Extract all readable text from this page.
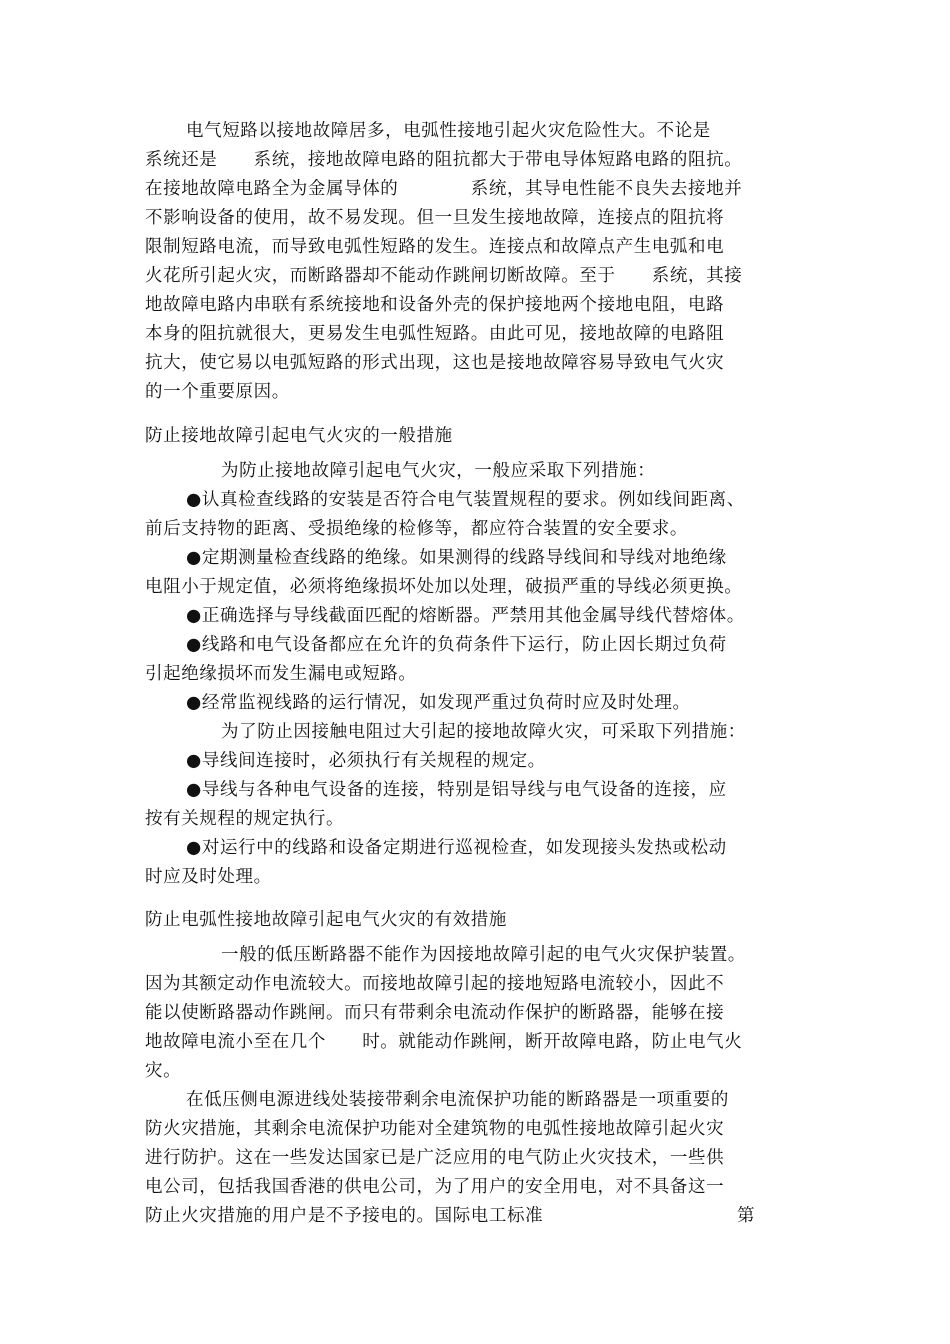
电气短路以接地故障居多，电弧性接地引起火灾危险性大。不论是
系统还是　　系统，接地故障电路的阻抗都大于带电导体短路电路的阻抗。
在接地故障电路全为金属导体的　　　　系统，其导电性能不良失去接地并
不影响设备的使用，故不易发现。但一旦发生接地故障，连接点的阻抗将
限制短路电流，而导致电弧性短路的发生。连接点和故障点产生电弧和电
火花所引起火灾，而断路器却不能动作跳闸切断故障。至于　　系统，其接
地故障电路内串联有系统接地和设备外壳的保护接地两个接地电阻，电路
本身的阻抗就很大，更易发生电弧性短路。由此可见，接地故障的电路阻
抗大，使它易以电弧短路的形式出现，这也是接地故障容易导致电气火灾
的一个重要原因。
防止接地故障引起电气火灾的一般措施
为防止接地故障引起电气火灾，一般应采取下列措施：
●认真检查线路的安装是否符合电气装置规程的要求。例如线间距离、
前后支持物的距离、受损绝缘的检修等，都应符合装置的安全要求。
●定期测量检查线路的绝缘。如果测得的线路导线间和导线对地绝缘
电阻小于规定值，必须将绝缘损坏处加以处理，破损严重的导线必须更换。
●正确选择与导线截面匹配的熔断器。严禁用其他金属导线代替熔体。
●线路和电气设备都应在允许的负荷条件下运行，防止因长期过负荷
引起绝缘损坏而发生漏电或短路。
●经常监视线路的运行情况，如发现严重过负荷时应及时处理。
为了防止因接触电阻过大引起的接地故障火灾，可采取下列措施：
●导线间连接时，必须执行有关规程的规定。
●导线与各种电气设备的连接，特别是铝导线与电气设备的连接，应
按有关规程的规定执行。
●对运行中的线路和设备定期进行巡视检查，如发现接头发热或松动
时应及时处理。
防止电弧性接地故障引起电气火灾的有效措施
一般的低压断路器不能作为因接地故障引起的电气火灾保护装置。
因为其额定动作电流较大。而接地故障引起的接地短路电流较小，因此不
能以使断路器动作跳闸。而只有带剩余电流动作保护的断路器，能够在接
地故障电流小至在几个　　时。就能动作跳闸，断开故障电路，防止电气火
灾。
在低压侧电源进线处装接带剩余电流保护功能的断路器是一项重要的
防火灾措施，其剩余电流保护功能对全建筑物的电弧性接地故障引起火灾
进行防护。这在一些发达国家已是广泛应用的电气防止火灾技术，一些供
电公司，包括我国香港的供电公司，为了用户的安全用电，对不具备这一
防止火灾措施的用户是不予接电的。国际电工标准	第
